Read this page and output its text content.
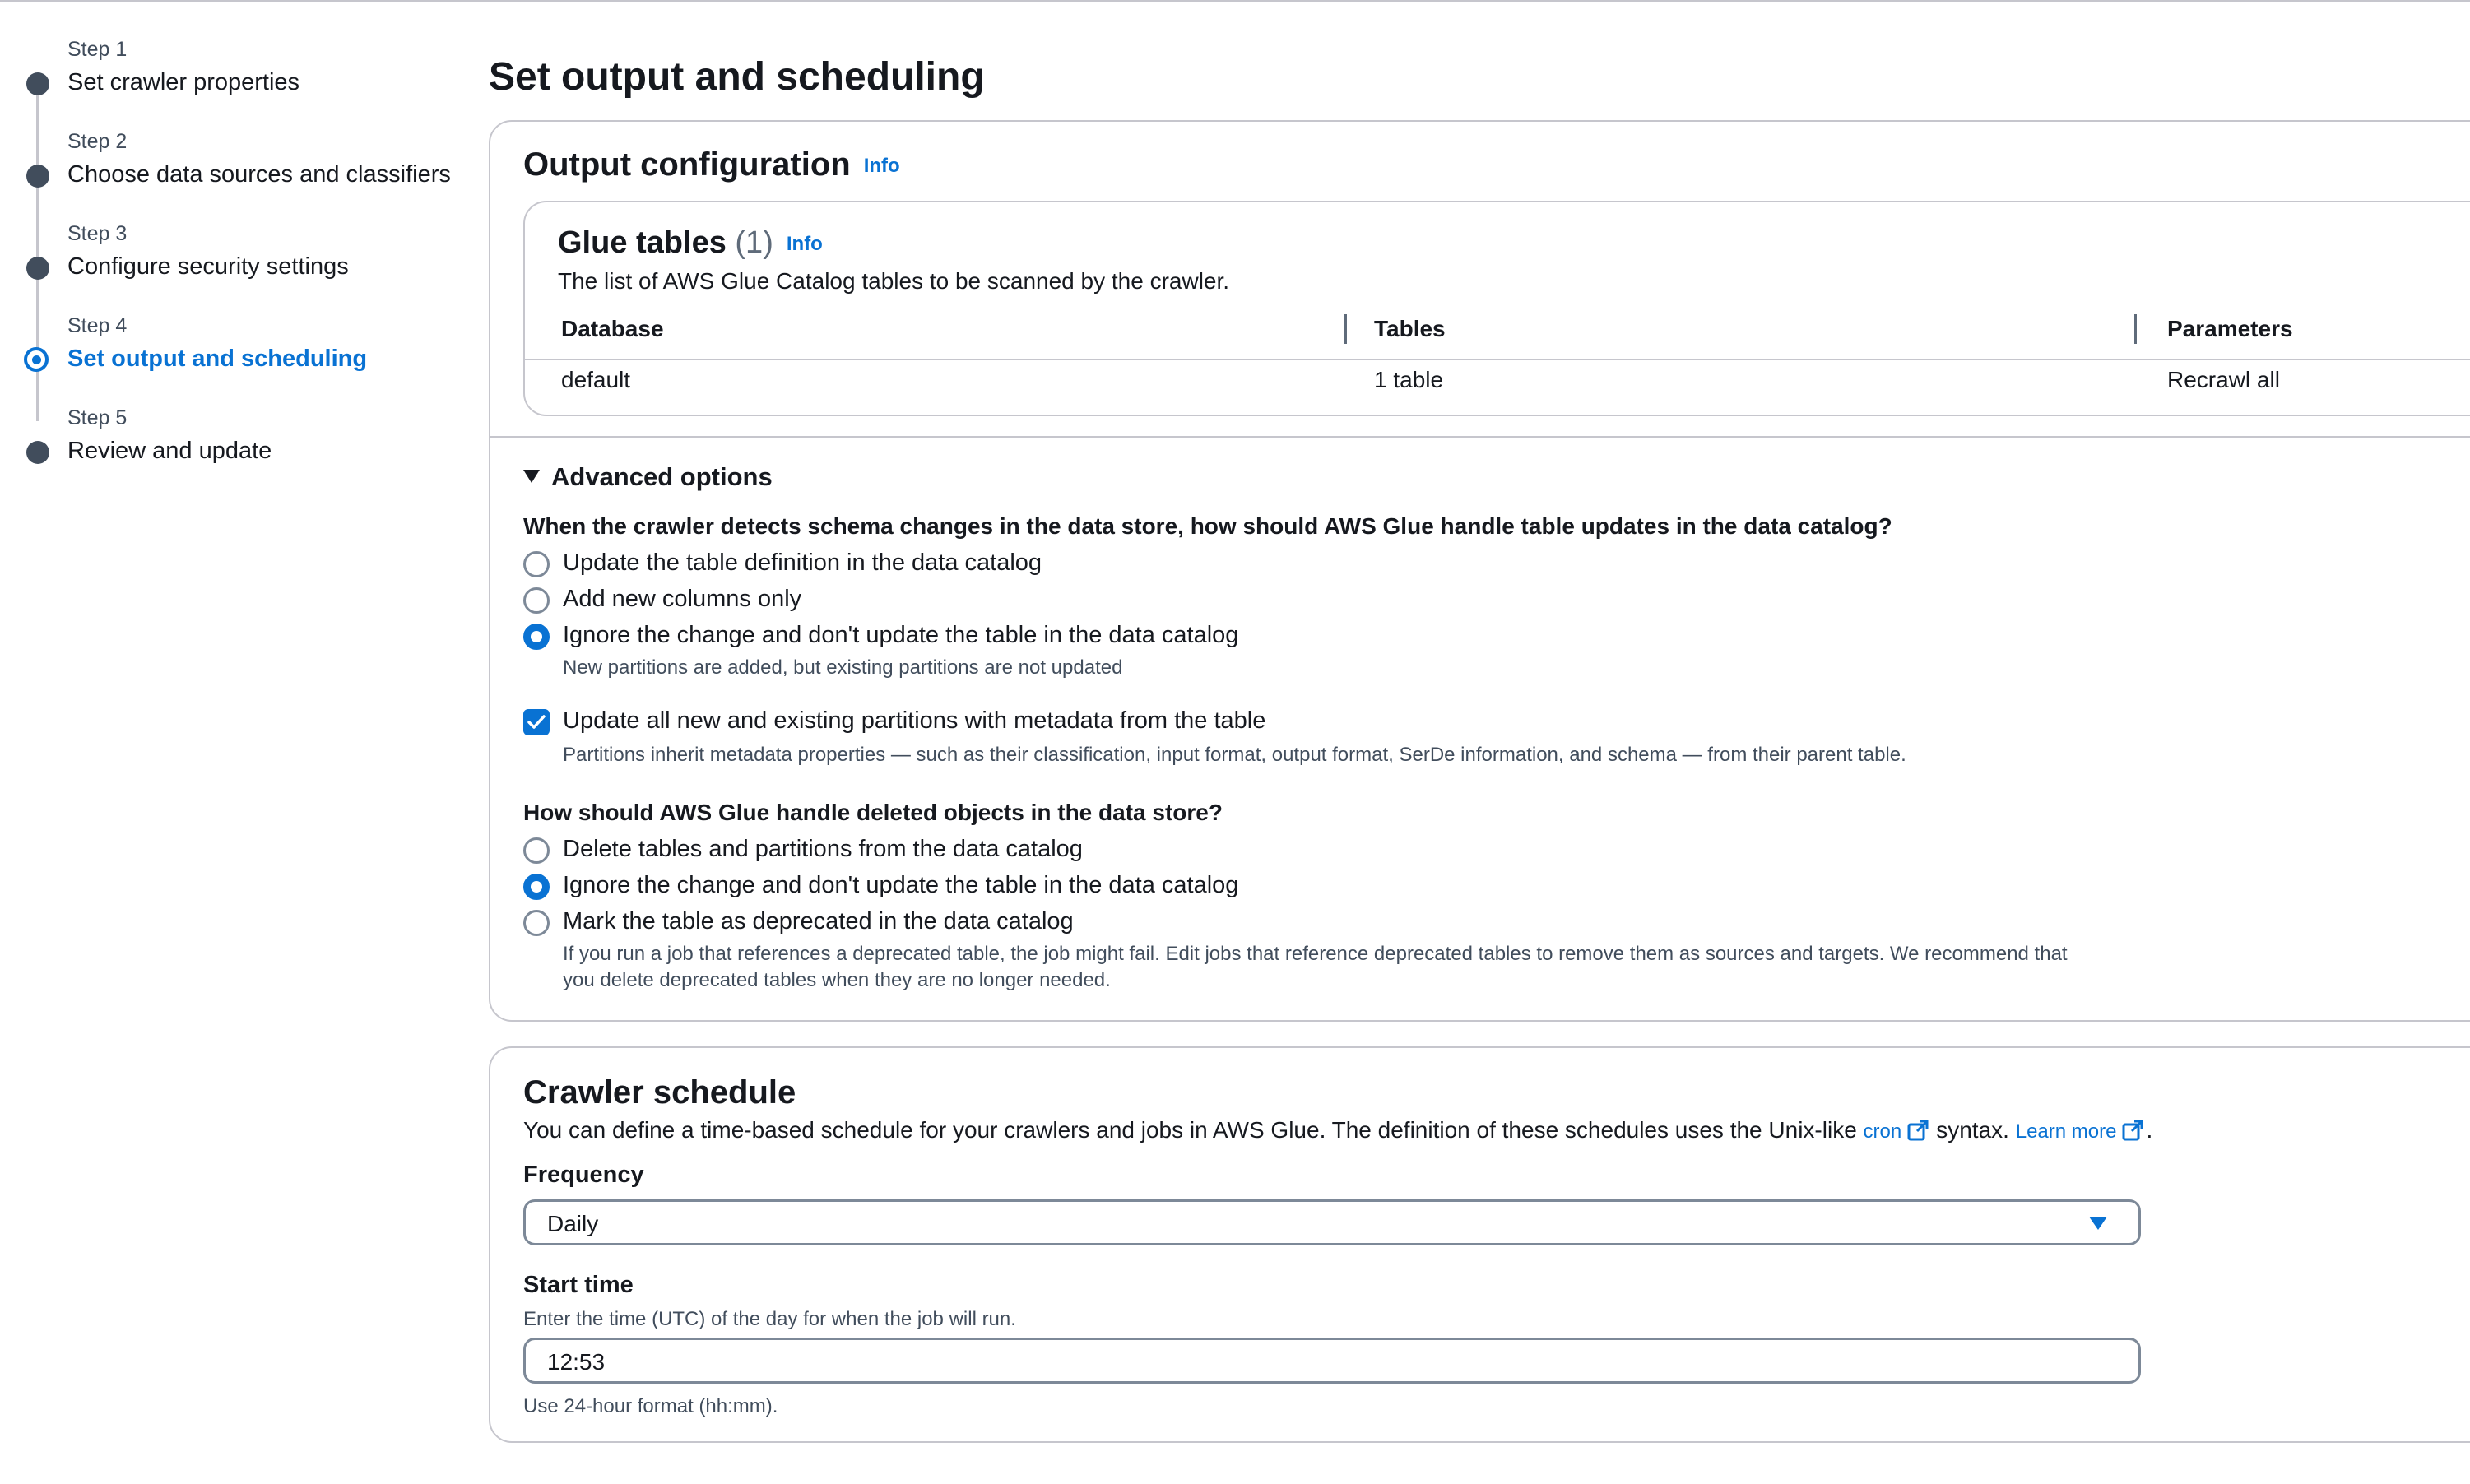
Step 1
Set crawler properties
Step 2
Choose data sources and classifiers
Step 3
Configure security settings
Step 4
Set output and scheduling
Step 5
Review and update
Set output and scheduling
Output configuration Info
Glue tables (1) Info
The list of AWS Glue Catalog tables to be scanned by the crawler.
Database	Tables	Parameters
default	1 table	Recrawl all
Advanced options
When the crawler detects schema changes in the data store, how should AWS Glue handle table updates in the data catalog?
Update the table definition in the data catalog
Add new columns only
Ignore the change and don't update the table in the data catalog
New partitions are added, but existing partitions are not updated
Update all new and existing partitions with metadata from the table
Partitions inherit metadata properties — such as their classification, input format, output format, SerDe information, and schema — from their parent table.
How should AWS Glue handle deleted objects in the data store?
Delete tables and partitions from the data catalog
Ignore the change and don't update the table in the data catalog
Mark the table as deprecated in the data catalog
If you run a job that references a deprecated table, the job might fail. Edit jobs that reference deprecated tables to remove them as sources and targets. We recommend that
you delete deprecated tables when they are no longer needed.
Crawler schedule
You can define a time-based schedule for your crawlers and jobs in AWS Glue. The definition of these schedules uses the Unix-like cron syntax. Learn more .
Frequency
Daily
Start time
Enter the time (UTC) of the day for when the job will run.
12:53
Use 24-hour format (hh:mm).
